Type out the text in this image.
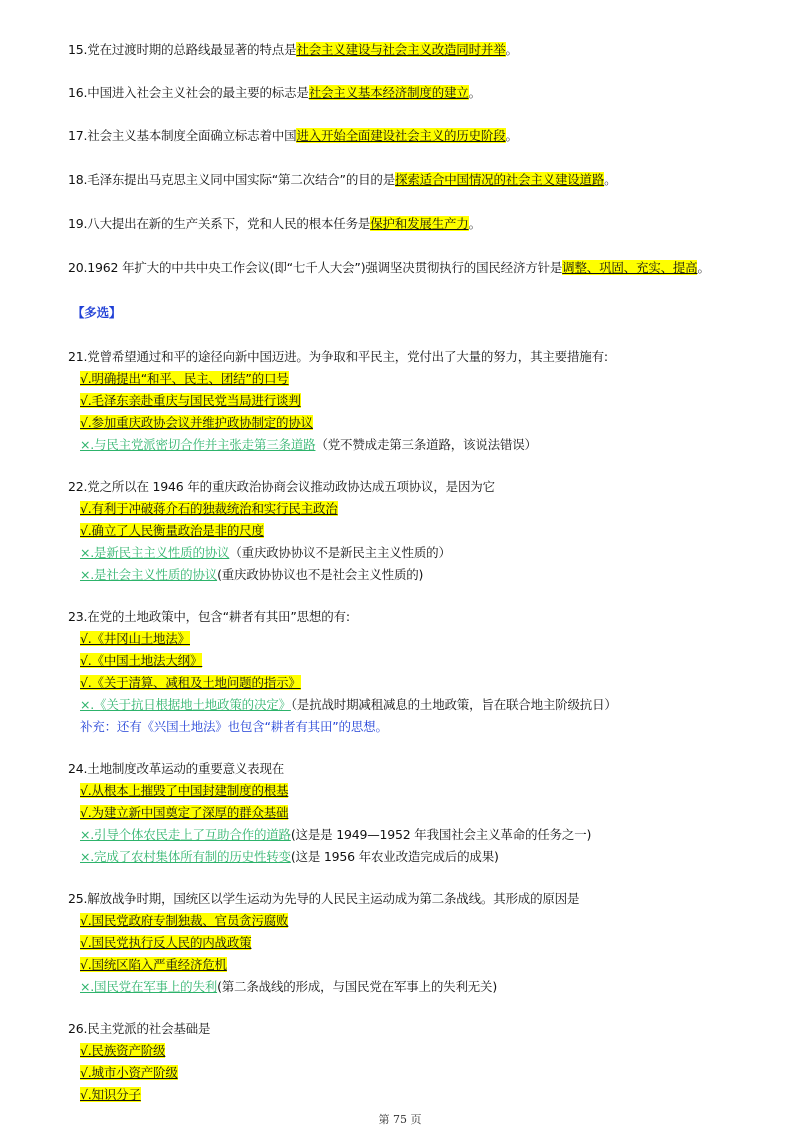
15.党在过渡时期的总路线最显著的特点是社会主义建设与社会主义改造同时并举。
16.中国进入社会主义社会的最主要的标志是社会主义基本经济制度的建立。
17.社会主义基本制度全面确立标志着中国进入开始全面建设社会主义的历史阶段。
18.毛泽东提出马克思主义同中国实际“第二次结合”的目的是探索适合中国情况的社会主义建设道路。
19.八大提出在新的生产关系下，党和人民的根本任务是保护和发展生产力。
20.1962 年扩大的中共中央工作会议(即“七千人大会”)强调坚决贯彻执行的国民经济方针是调整、巩固、充实、提高。
【多选】
21.党曾希望通过和平的途径向新中国迈进。为争取和平民主，党付出了大量的努力，其主要措施有:
√.明确提出“和平、民主、团结”的口号
√.毛泽东亲赴重庆与国民党当局进行谈判
√.参加重庆政协会议并维护政协制定的协议
×.与民主党派密切合作并主张走第三条道路（党不赞成走第三条道路，该说法错误）
22.党之所以在 1946 年的重庆政治协商会议推动政协达成五项协议，是因为它
√.有利于冲破蒋介石的独裁统治和实行民主政治
√.确立了人民衡量政治是非的尺度
×.是新民主主义性质的协议（重庆政协协议不是新民主主义性质的）
×.是社会主义性质的协议(重庆政协协议也不是社会主义性质的)
23.在党的土地政策中，包含“耕者有其田”思想的有:
√.《井冈山土地法》
√.《中国土地法大纲》
√.《关于清算、减租及土地问题的指示》
×.《关于抗日根据地土地政策的决定》（是抗战时期减租减息的土地政策，旨在联合地主阶级抗日）
补充：还有《兴国土地法》也包含“耕者有其田”的思想。
24.土地制度改革运动的重要意义表现在
√.从根本上摧毁了中国封建制度的根基
√.为建立新中国奠定了深厚的群众基础
×.引导个体农民走上了互助合作的道路(这是是 1949—1952 年我国社会主义革命的任务之一)
×.完成了农村集体所有制的历史性转变(这是 1956 年农业改造完成后的成果)
25.解放战争时期，国统区以学生运动为先导的人民民主运动成为第二条战线。其形成的原因是
√.国民党政府专制独裁、官员贪污腐败
√.国民党执行反人民的内战政策
√.国统区陷入严重经济危机
×.国民党在军事上的失利(第二条战线的形成，与国民党在军事上的失利无关)
26.民主党派的社会基础是
√.民族资产阶级
√.城市小资产阶级
√.知识分子
第 75 页
